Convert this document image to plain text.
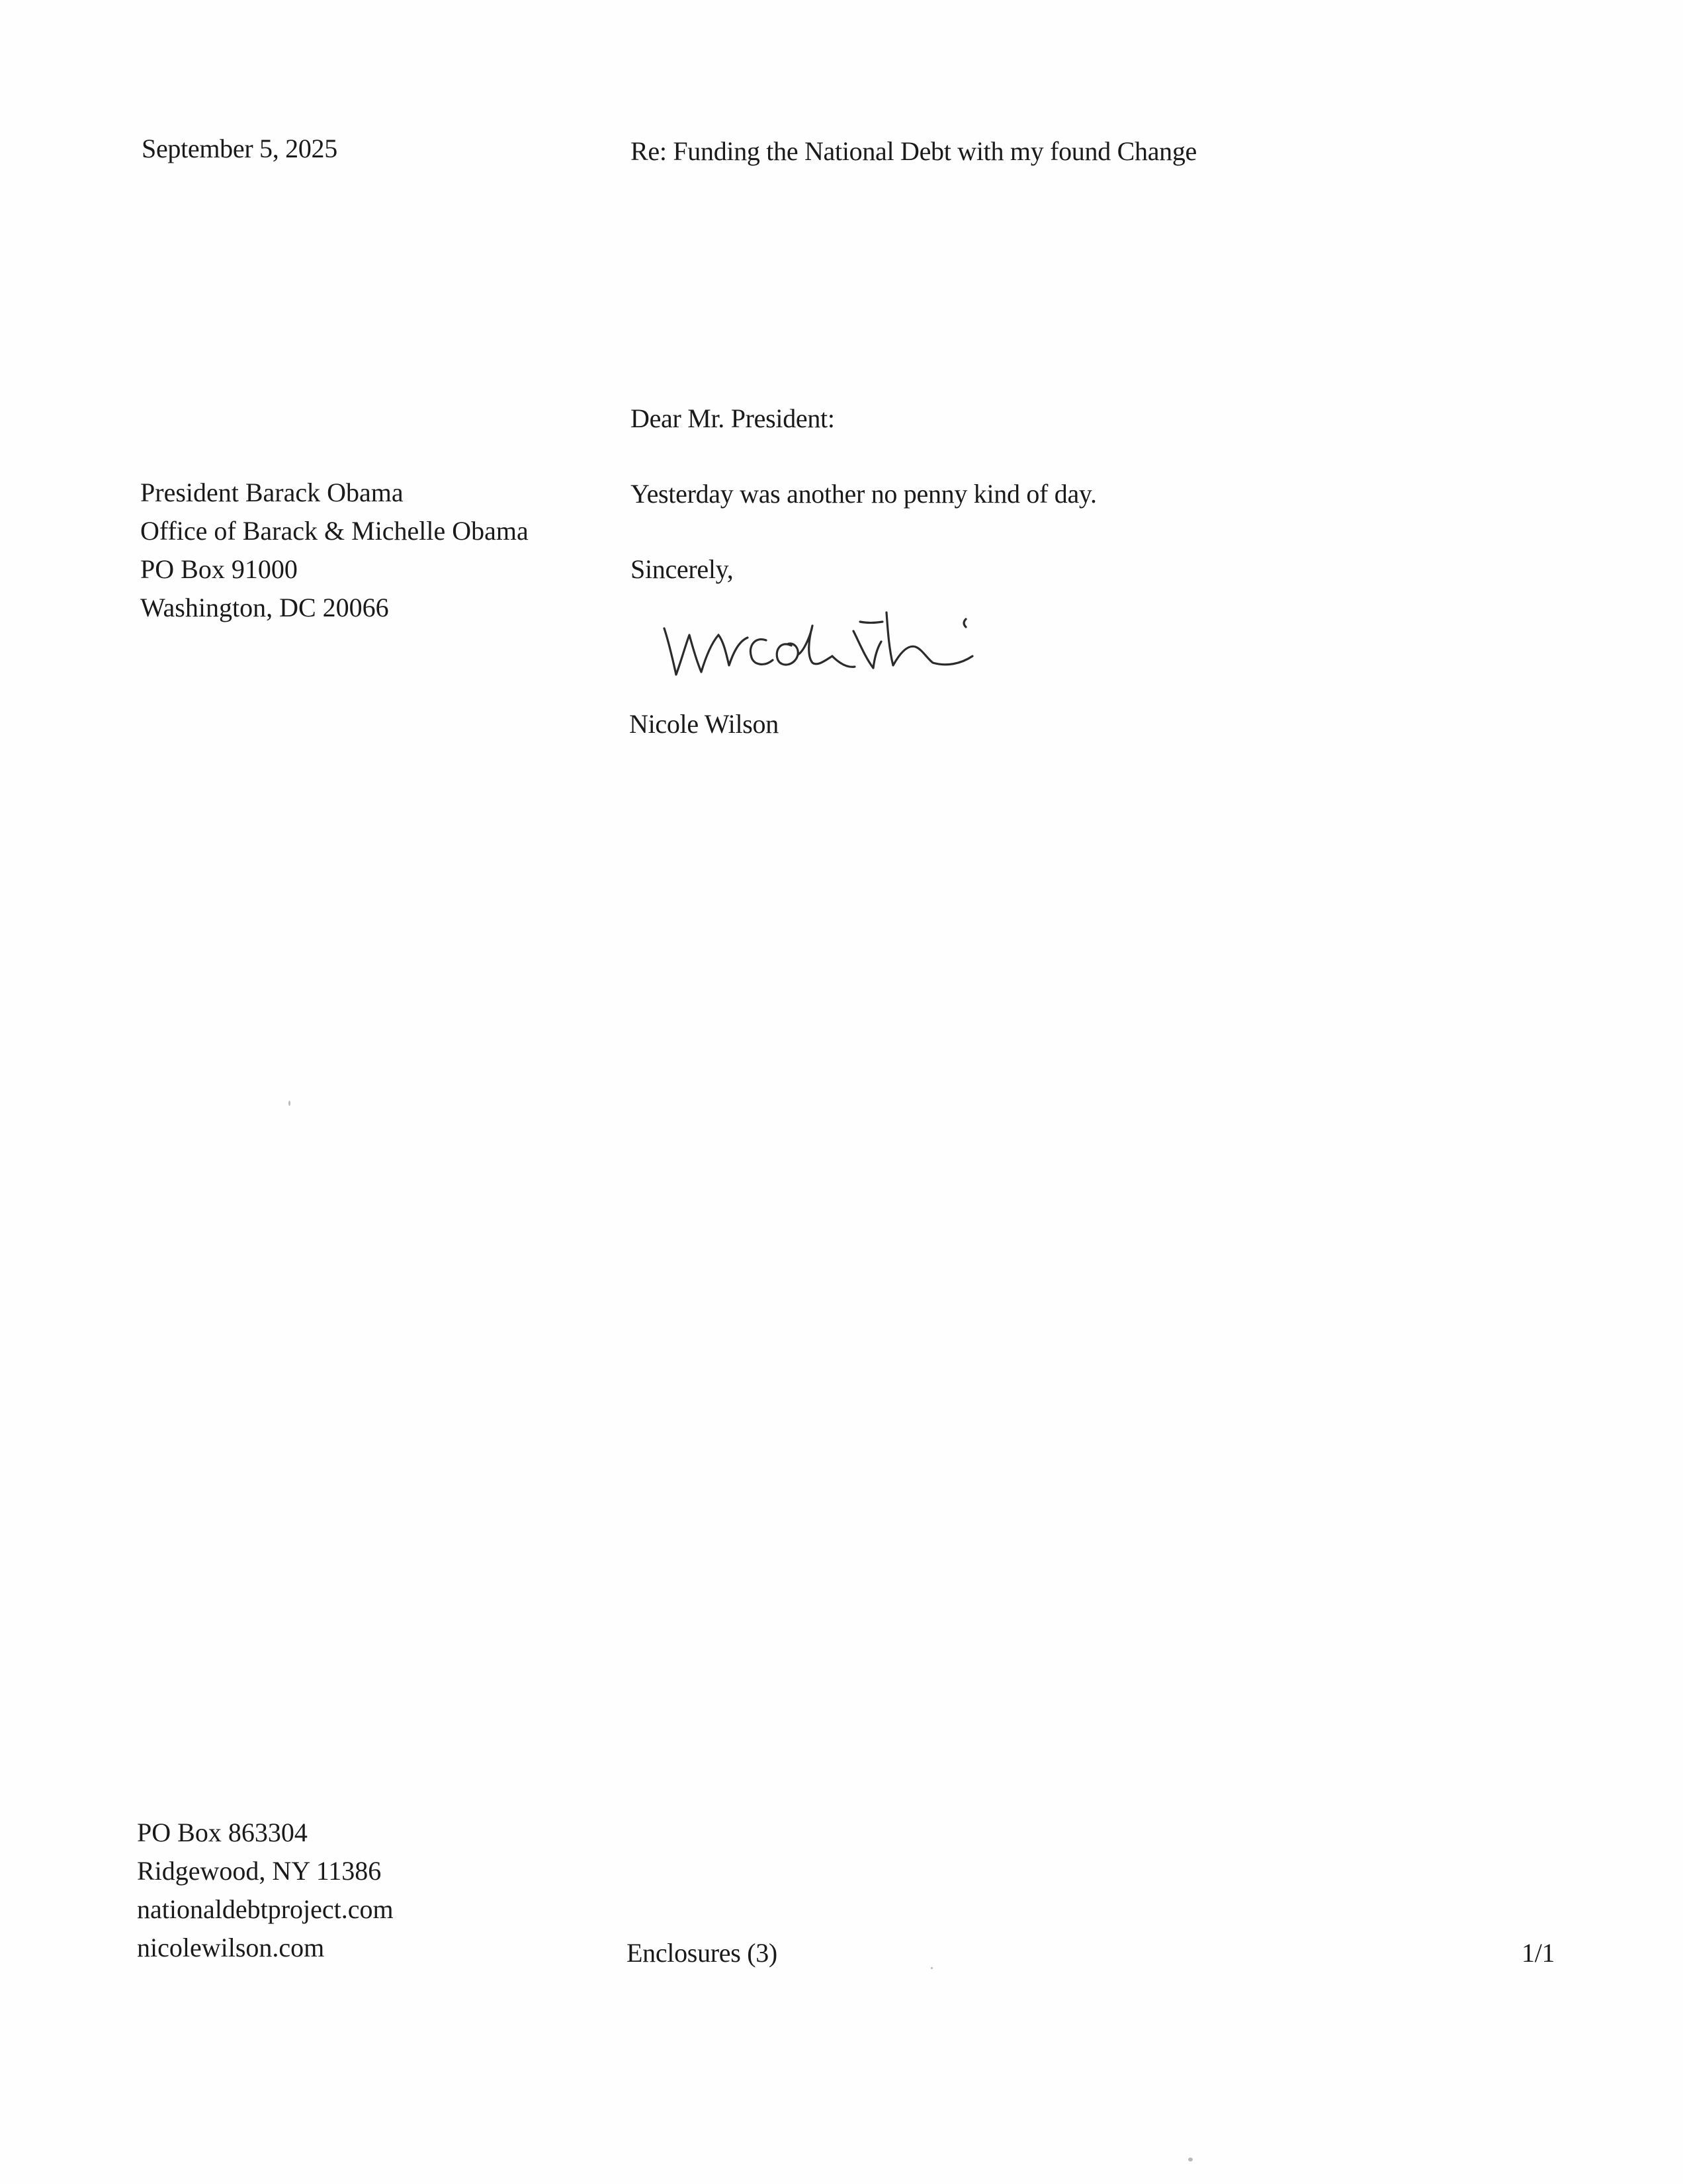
September 5, 2025	Re: Funding the National Debt with my found Change
Dear Mr. President:
President Barack Obama
Office of Barack & Michelle Obama
PO Box 91000
Washington, DC 20066
Yesterday was another no penny kind of day.
Sincerely,
Nicole Wilson
PO Box 863304
Ridgewood, NY 11386
nationaldebtproject.com
nicolewilson.com	Enclosures (3)	1/1
